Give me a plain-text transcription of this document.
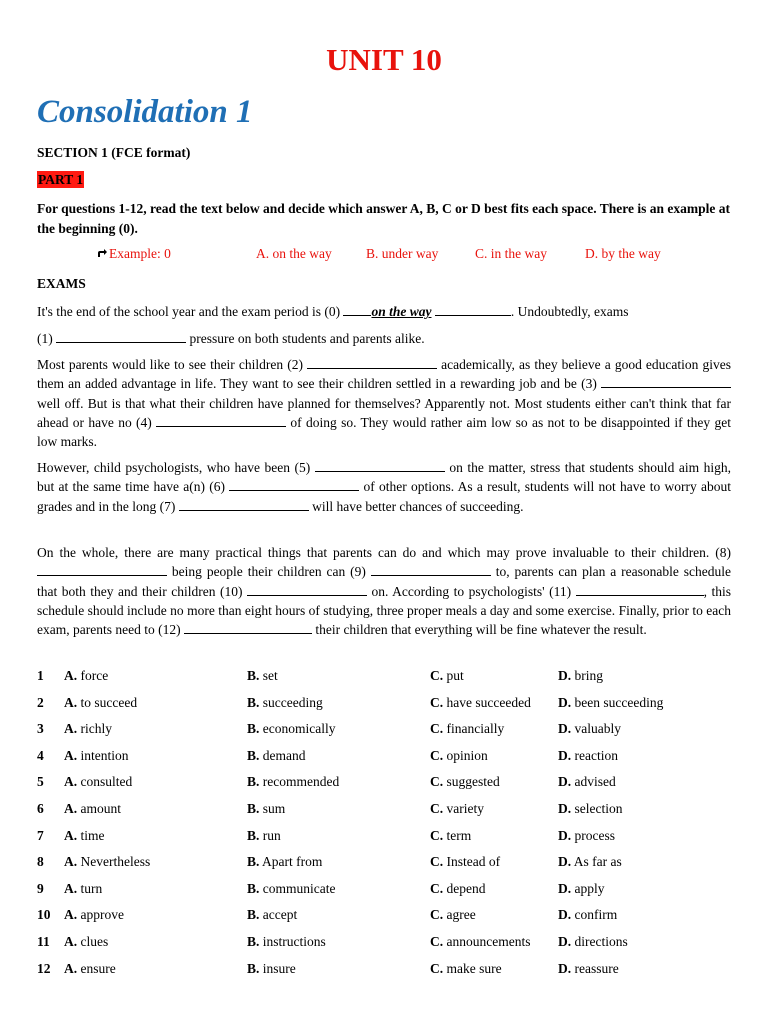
UNIT 10
Consolidation 1
SECTION 1 (FCE format)
PART 1
For questions 1-12, read the text below and decide which answer A, B, C or D best fits each space. There is an example at the beginning (0).
Example: 0	A. on the way	B. under way	C. in the way	D. by the way
EXAMS

It's the end of the school year and the exam period is (0) on the way	. Undoubtedly, exams

(1)	pressure on both students and parents alike.

Most parents would like to see their children (2)	academically, as they believe a good education gives them an added advantage in life. They want to see their children settled in a rewarding job and be (3)  well off. But is that what their children have planned for themselves? Apparently not. Most students either can't think that far ahead or have no (4)	of doing so. They would rather aim low so as not to be disappointed if they get low marks.

However, child psychologists, who have been (5)	on the matter, stress that students should aim high, but at the same time have a(n) (6)	of other options. As a result, students will not have to worry about grades and in the long (7)	will have better chances of succeeding.

On the whole, there are many practical things that parents can do and which may prove invaluable to their children. (8)  being people their children can (9)	to, parents can plan a reasonable schedule that both they and their children (10)	on. According to psychologists' (11)	, this schedule should include no more than eight hours of studying, three proper meals a day and some exercise. Finally, prior to each exam, parents need to (12)	their children that everything will be fine whatever the result.

1 A. force	B. set	C. put	D. bring
2 A. to succeed	B. succeeding	C. have succeeded D. been succeeding
3 A. richly	B. economically	C. financially	D. valuably
4 A. intention	B. demand	C. opinion	D. reaction
5 A. consulted	B. recommended	C. suggested	D. advised
6 A. amount	B. sum	C. variety	D. selection
7 A. time	B. run	C. term	D. process
8 A. Nevertheless	B. Apart from	C. Instead of	D. As far as
9 A. turn	B. communicate	C. depend	D. apply
10 A. approve	B. accept	C. agree	D. confirm
11 A. clues	B. instructions	C. announcements D. directions
12 A. ensure	B. insure	C. make sure	D. reassure
